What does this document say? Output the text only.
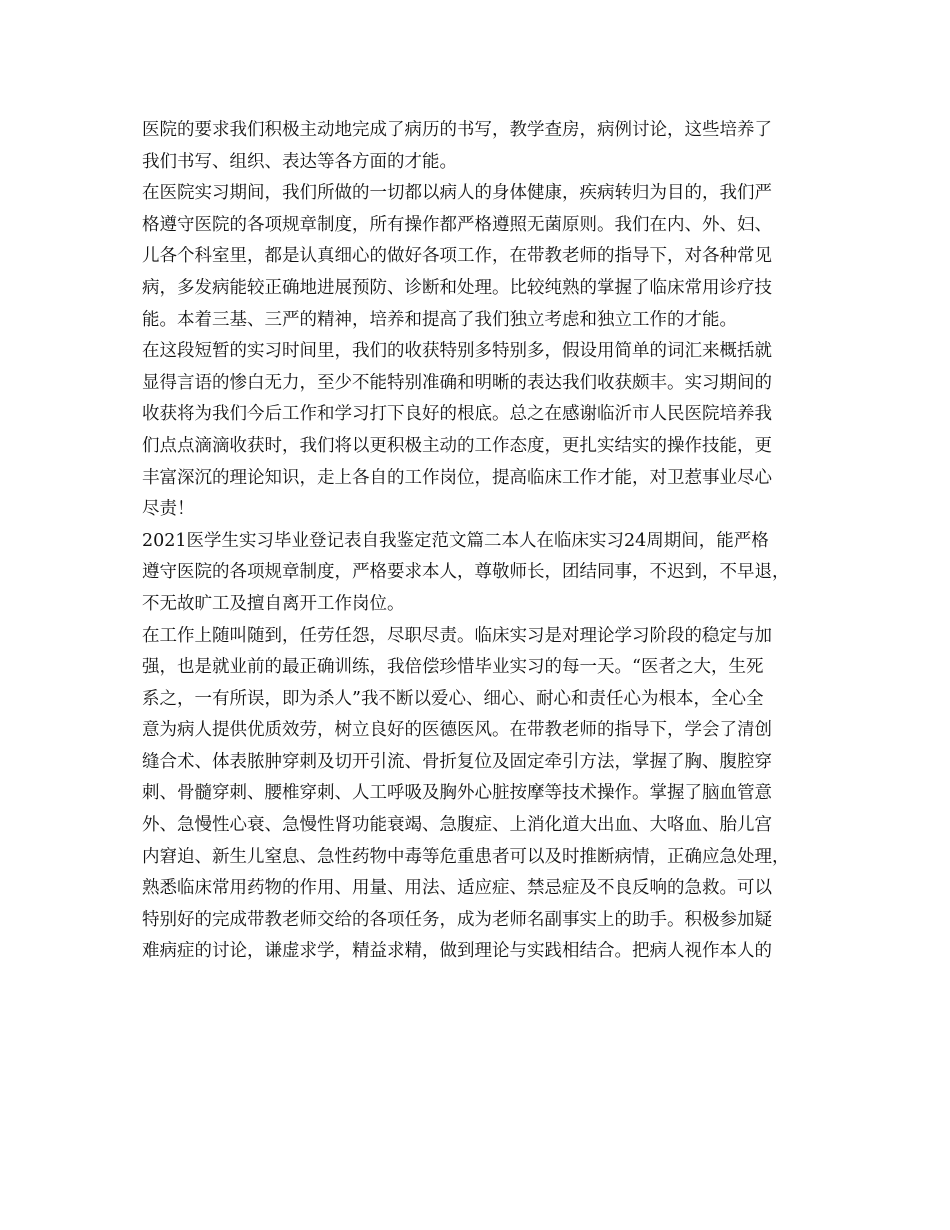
医院的要求我们积极主动地完成了病历的书写，教学查房，病例讨论，这些培养了
我们书写、组织、表达等各方面的才能。
在医院实习期间，我们所做的一切都以病人的身体健康，疾病转归为目的，我们严
格遵守医院的各项规章制度，所有操作都严格遵照无菌原则。我们在内、外、妇、
儿各个科室里，都是认真细心的做好各项工作，在带教老师的指导下，对各种常见
病，多发病能较正确地进展预防、诊断和处理。比较纯熟的掌握了临床常用诊疗技
能。本着三基、三严的精神，培养和提高了我们独立考虑和独立工作的才能。
在这段短暂的实习时间里，我们的收获特别多特别多，假设用简单的词汇来概括就
显得言语的惨白无力，至少不能特别准确和明晰的表达我们收获颇丰。实习期间的
收获将为我们今后工作和学习打下良好的根底。总之在感谢临沂市人民医院培养我
们点点滴滴收获时，我们将以更积极主动的工作态度，更扎实结实的操作技能，更
丰富深沉的理论知识，走上各自的工作岗位，提高临床工作才能，对卫惹事业尽心
尽责！
2021医学生实习毕业登记表自我鉴定范文篇二本人在临床实习24周期间，能严格
遵守医院的各项规章制度，严格要求本人，尊敬师长，团结同事，不迟到，不早退，
不无故旷工及擅自离开工作岗位。
在工作上随叫随到，任劳任怨，尽职尽责。临床实习是对理论学习阶段的稳定与加
强，也是就业前的最正确训练，我倍偿珍惜毕业实习的每一天。“医者之大，生死
系之，一有所误，即为杀人”我不断以爱心、细心、耐心和责任心为根本，全心全
意为病人提供优质效劳，树立良好的医德医风。在带教老师的指导下，学会了清创
缝合术、体表脓肿穿刺及切开引流、骨折复位及固定牵引方法，掌握了胸、腹腔穿
刺、骨髓穿刺、腰椎穿刺、人工呼吸及胸外心脏按摩等技术操作。掌握了脑血管意
外、急慢性心衰、急慢性肾功能衰竭、急腹症、上消化道大出血、大咯血、胎儿宫
内窘迫、新生儿窒息、急性药物中毒等危重患者可以及时推断病情，正确应急处理，
熟悉临床常用药物的作用、用量、用法、适应症、禁忌症及不良反响的急救。可以
特别好的完成带教老师交给的各项任务，成为老师名副事实上的助手。积极参加疑
难病症的讨论，谦虚求学，精益求精，做到理论与实践相结合。把病人视作本人的
